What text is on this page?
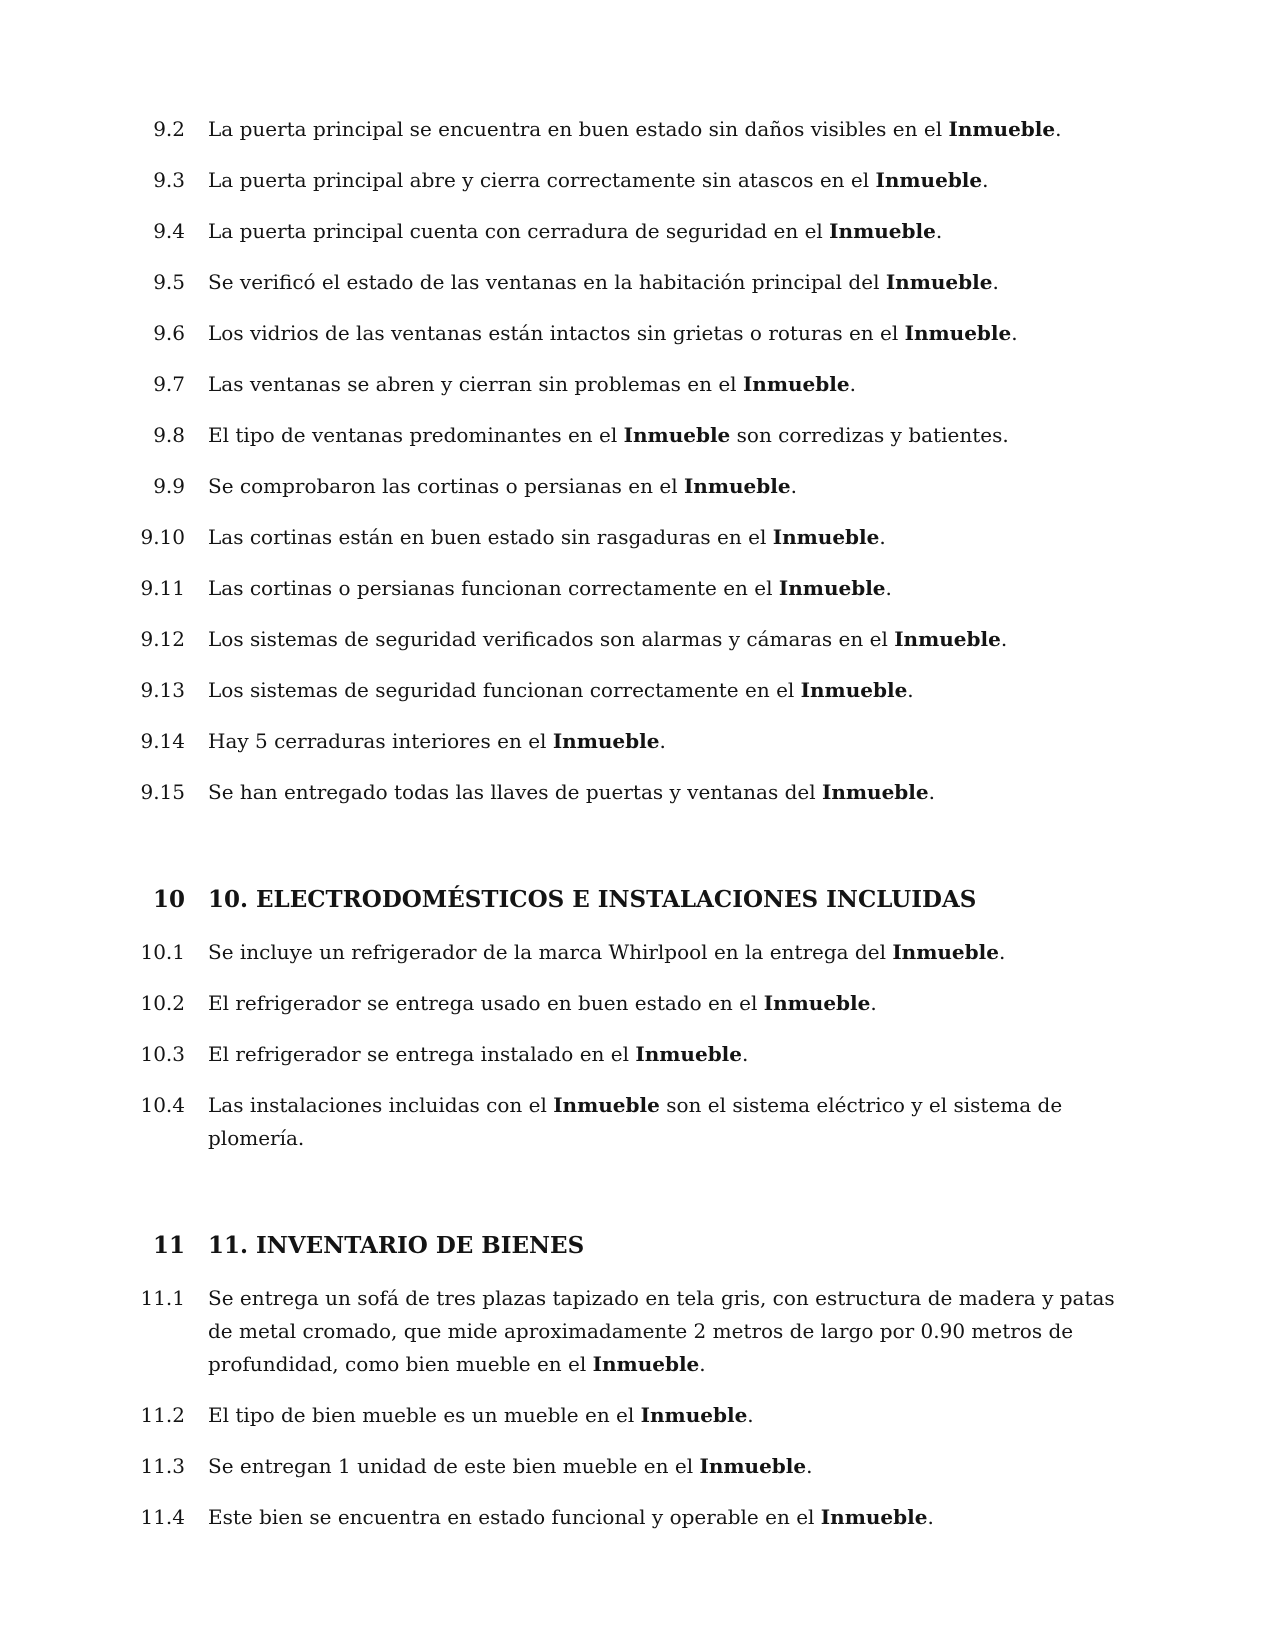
9.2 La puerta principal se encuentra en buen estado sin daños visibles en el Inmueble.
9.3 La puerta principal abre y cierra correctamente sin atascos en el Inmueble.
9.4 La puerta principal cuenta con cerradura de seguridad en el Inmueble.
9.5 Se verificó el estado de las ventanas en la habitación principal del Inmueble.
9.6 Los vidrios de las ventanas están intactos sin grietas o roturas en el Inmueble.
9.7 Las ventanas se abren y cierran sin problemas en el Inmueble.
9.8 El tipo de ventanas predominantes en el Inmueble son corredizas y batientes.
9.9 Se comprobaron las cortinas o persianas en el Inmueble.
9.10 Las cortinas están en buen estado sin rasgaduras en el Inmueble.
9.11 Las cortinas o persianas funcionan correctamente en el Inmueble.
9.12 Los sistemas de seguridad verificados son alarmas y cámaras en el Inmueble.
9.13 Los sistemas de seguridad funcionan correctamente en el Inmueble.
9.14 Hay 5 cerraduras interiores en el Inmueble.
9.15 Se han entregado todas las llaves de puertas y ventanas del Inmueble.
10 10. ELECTRODOMÉSTICOS E INSTALACIONES INCLUIDAS
10.1 Se incluye un refrigerador de la marca Whirlpool en la entrega del Inmueble.
10.2 El refrigerador se entrega usado en buen estado en el Inmueble.
10.3 El refrigerador se entrega instalado en el Inmueble.
10.4 Las instalaciones incluidas con el Inmueble son el sistema eléctrico y el sistema de plomería.
11 11. INVENTARIO DE BIENES
11.1 Se entrega un sofá de tres plazas tapizado en tela gris, con estructura de madera y patas de metal cromado, que mide aproximadamente 2 metros de largo por 0.90 metros de profundidad, como bien mueble en el Inmueble.
11.2 El tipo de bien mueble es un mueble en el Inmueble.
11.3 Se entregan 1 unidad de este bien mueble en el Inmueble.
11.4 Este bien se encuentra en estado funcional y operable en el Inmueble.
